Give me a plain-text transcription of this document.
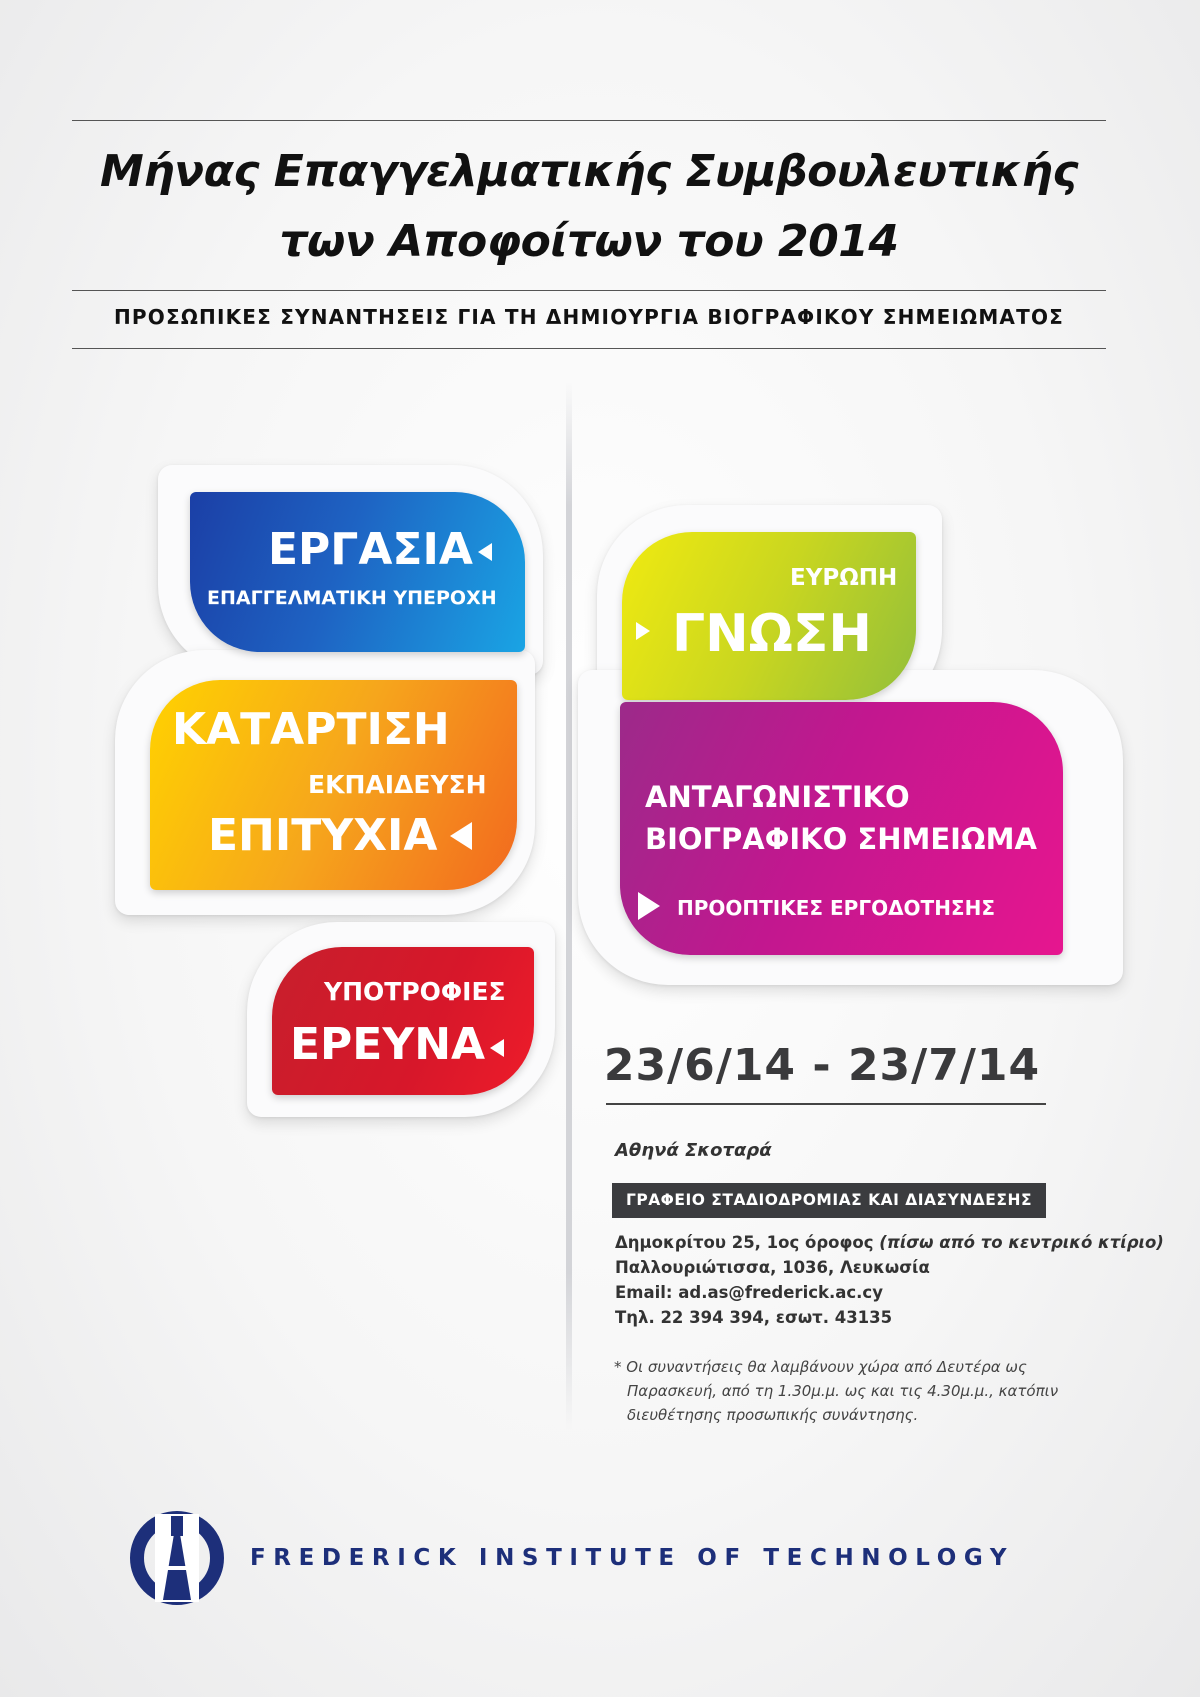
Μήνας Επαγγελματικής Συμβουλευτικής
των Αποφοίτων του 2014
ΠΡΟΣΩΠΙΚΕΣ ΣΥΝΑΝΤΗΣΕΙΣ ΓΙΑ ΤΗ ΔΗΜΙΟΥΡΓΙΑ ΒΙΟΓΡΑΦΙΚΟΥ ΣΗΜΕΙΩΜΑΤΟΣ
ΕΡΓΑΣΙΑ
ΕΠΑΓΓΕΛΜΑΤΙΚΗ ΥΠΕΡΟΧΗ
ΚΑΤΑΡΤΙΣΗ
ΕΚΠΑΙΔΕΥΣΗ
ΕΠΙΤΥΧΙΑ
ΥΠΟΤΡΟΦΙΕΣ
ΕΡΕΥΝΑ
ΕΥΡΩΠΗ
ΓΝΩΣΗ
ΑΝΤΑΓΩΝΙΣΤΙΚΟ
ΒΙΟΓΡΑΦΙΚΟ ΣΗΜΕΙΩΜΑ
ΠΡΟΟΠΤΙΚΕΣ ΕΡΓΟΔΟΤΗΣΗΣ
23/6/14 - 23/7/14
Αθηνά Σκοταρά
ΓΡΑΦΕΙΟ ΣΤΑΔΙΟΔΡΟΜΙΑΣ ΚΑΙ ΔΙΑΣΥΝΔΕΣΗΣ
Δημοκρίτου 25, 1ος όροφος (πίσω από το κεντρικό κτίριο)
Παλλουριώτισσα, 1036, Λευκωσία
Email: ad.as@frederick.ac.cy
Τηλ. 22 394 394, εσωτ. 43135
* Οι συναντήσεις θα λαμβάνουν χώρα από Δευτέρα ως
Παρασκευή, από τη 1.30μ.μ. ως και τις 4.30μ.μ., κατόπιν
διευθέτησης προσωπικής συνάντησης.
FREDERICK INSTITUTE OF TECHNOLOGY
